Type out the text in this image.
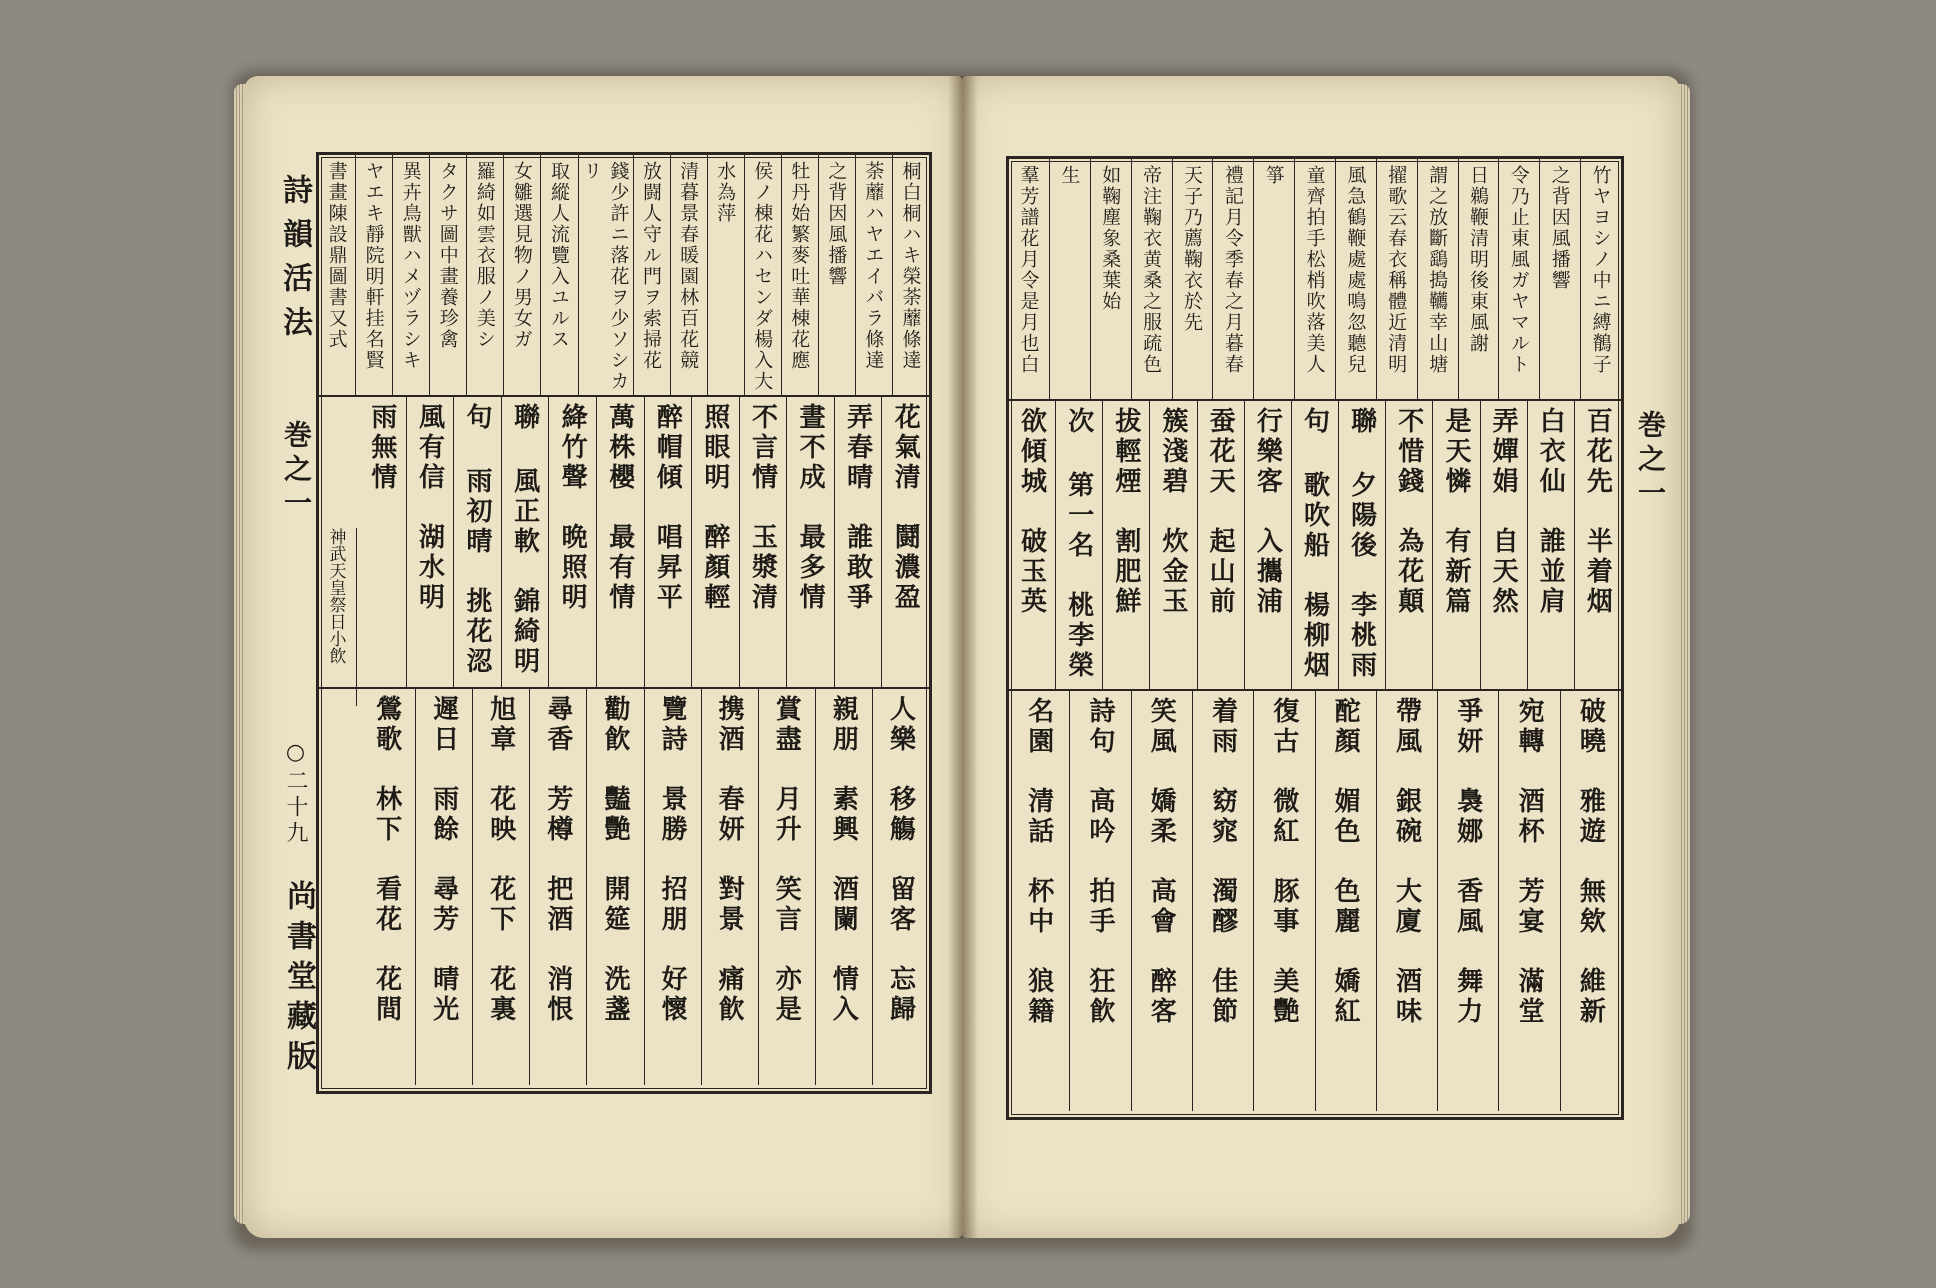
詩韻活法
巻之一
○二十九
尚書堂藏版
桐白桐ハキ榮荼蘼條達
荼蘼ハヤエイバラ條達
之背因風播響
牡丹始繁麥吐華棟花應
侯ノ棟花ハセンダ楊入大
水為萍
清暮景春暖園林百花競
放闘人守ル門ヲ索掃花
錢少許ニ落花ヲ少ソシカリ
取縱人流覽入ユルス
女雛選見物ノ男女ガ
羅綺如雲衣服ノ美シ
タクサ圖中畫養珍禽
異卉鳥獸ハメヅラシキ
ヤエキ靜院明軒挂名賢
書畫陳設鼎圖書又式
花氣清　鬪濃盈
弄春晴　誰敢爭
晝不成　最多情
不言情　玉漿清
照眼明　醉顏輕
醉帽傾　唱昇平
萬株櫻　最有情
絳竹聲　晩照明
聯 風正軟　錦綺明
句 雨初晴　挑花涊
風有信　湖水明
雨無情
人樂　移觴　留客　忘歸
親朋　素興　酒闌　情入
賞盡　月升　笑言　亦是
携酒　春妍　對景　痛飮
覽詩　景勝　招朋　好懷
勸飮　豔艷　開筵　洗盞
尋香　芳樽　把酒　消恨
旭章　花映　花下　花裏
遲日　雨餘　尋芳　晴光
鶯歌　林下　看花　花間
神武天皇祭日小飲
巻之一
竹ヤヨシノ中ニ縛鶺子
之背因風播響
令乃止東風ガヤマルト
日鵜鞭清明後東風謝
謂之放斷鷂搗韉幸山塘
擢歌云春衣稱體近清明
風急鶴鞭處處鳴忽聽兒
童齊拍手松梢吹落美人
箏
禮記月令季春之月暮春
天子乃薦鞠衣於先
帝注鞠衣黄桑之服疏色
如鞠塵象桑葉始
生
羣芳譜花月令是月也白
百花先　半着烟
白衣仙　誰並肩
弄嬋娟　自天然
是天憐　有新篇
不惜錢　為花顛
聯 夕陽後　李桃雨
句 歌吹船　楊柳烟
行樂客　入攜浦
蚕花天　起山前
簇淺碧　炊金玉
拔輕煙　割肥鮮
次 第一名　桃李榮
欲傾城　破玉英
破曉　雅遊　無欸　維新
宛轉　酒杯　芳宴　滿堂
爭妍　裊娜　香風　舞力
帶風　銀碗　大廈　酒味
酡顏　媚色　色麗　嬌紅
復古　微紅　豚事　美艷
着雨　窈窕　濁醪　佳節
笑風　嬌柔　高會　醉客
詩句　高吟　拍手　狂飮
名園　清話　杯中　狼籍
